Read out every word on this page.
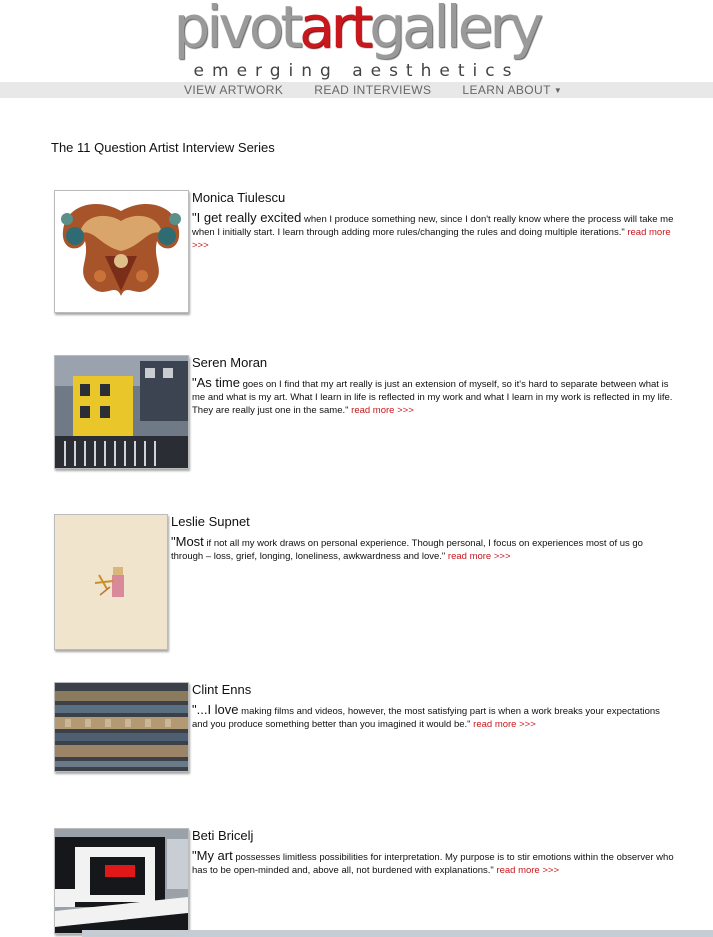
pivotartgallery
emerging aesthetics
VIEW ARTWORK	READ INTERVIEWS	LEARN ABOUT ▼
The 11 Question Artist Interview Series
Monica Tiulescu
"I get really excited when I produce something new, since I don't really know where the process will take me when I initially start. I learn through adding more rules/changing the rules and doing multiple iterations." read more >>>
Seren Moran
"As time goes on I find that my art really is just an extension of myself, so it's hard to separate between what is me and what is my art. What I learn in life is reflected in my work and what I learn in my work is reflected in my life. They are really just one in the same." read more >>>
Leslie Supnet
"Most if not all my work draws on personal experience. Though personal, I focus on experiences most of us go through – loss, grief, longing, loneliness, awkwardness and love." read more >>>
Clint Enns
"...I love making films and videos, however, the most satisfying part is when a work breaks your expectations and you produce something better than you imagined it would be." read more >>>
Beti Bricelj
"My art possesses limitless possibilities for interpretation. My purpose is to stir emotions within the observer who has to be open-minded and, above all, not burdened with explanations." read more >>>
